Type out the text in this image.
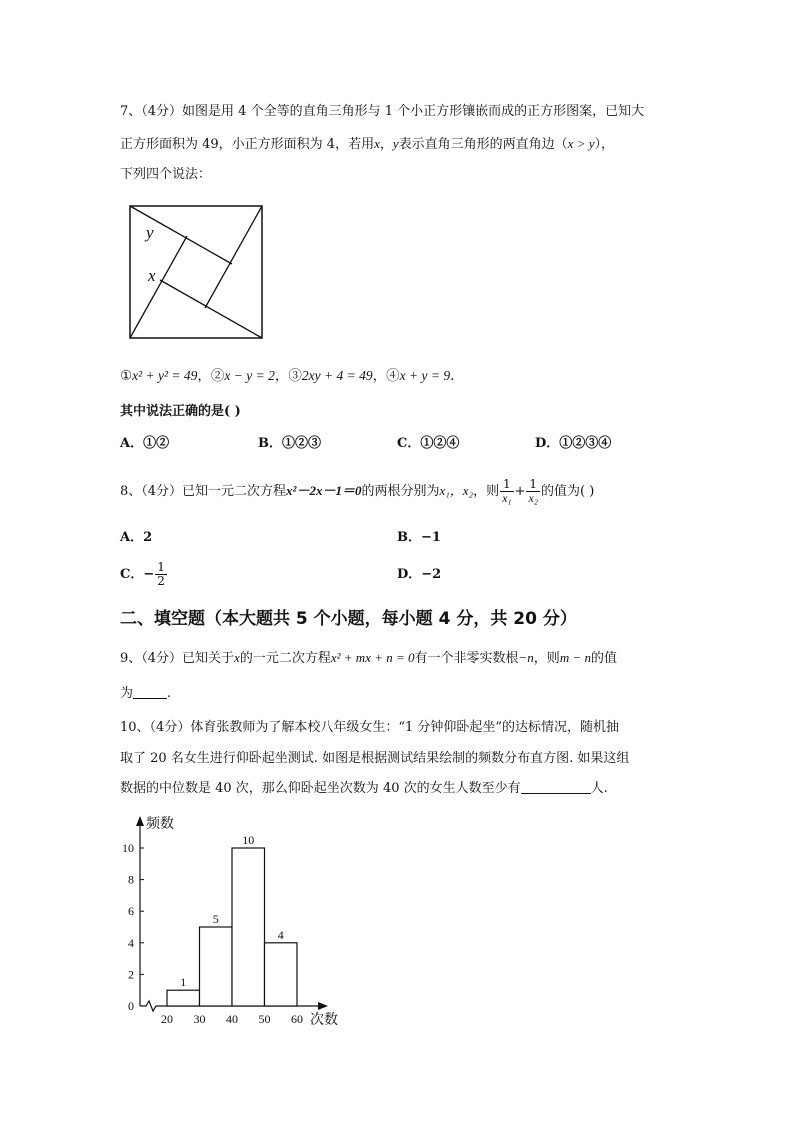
7、（4分）如图是用 4 个全等的直角三角形与 1 个小正方形镶嵌而成的正方形图案，已知大
正方形面积为 49，小正方形面积为 4，若用x，y表示直角三角形的两直角边（x > y），
下列四个说法：
y
x
①x² + y² = 49，②x − y = 2，③2xy + 4 = 49，④x + y = 9.
其中说法正确的是( )
A．①②	B．①②③	C．①②④	D．①②③④
8、（4分）已知一元二次方程x²－2x－1＝0的两根分别为x₁，x₂，则 $\frac{1}{\text{x₁}} + \frac{1}{\text{x₂}}$ 的值为( )
A．2	B．−1
C．− $\frac{1}{2}$	D．−2
二、填空题（本大题共 5 个小题，每小题 4 分，共 20 分）
9、（4分）已知关于x的一元二次方程x² + mx + n = 0有一个非零实数根−n，则m − n的值
为	.
10、（4分）体育张教师为了解本校八年级女生：“1 分钟仰卧起坐”的达标情况，随机抽
取了 20 名女生进行仰卧起坐测试. 如图是根据测试结果绘制的频数分布直方图. 如果这组
数据的中位数是 40 次，那么仰卧起坐次数为 40 次的女生人数至少有	人.
0
2
4
6
8
10
20 30 40 50 60
1
5
10
4
频数
次数
